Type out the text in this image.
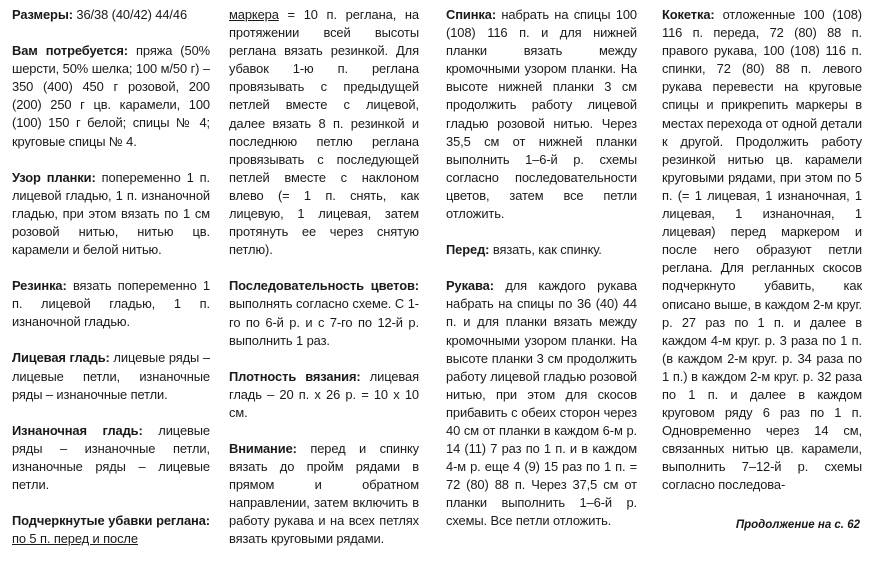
Размеры: 36/38 (40/42) 44/46

Вам потребуется: пряжа (50% шерсти, 50% шелка; 100 м/50 г) – 350 (400) 450 г розовой, 200 (200) 250 г цв. карамели, 100 (100) 150 г белой; спицы № 4; круговые спицы № 4.

Узор планки: попеременно 1 п. лицевой гладью, 1 п. изнаночной гладью, при этом вязать по 1 см розовой нитью, нитью цв. карамели и белой нитью.

Резинка: вязать попеременно 1 п. лицевой гладью, 1 п. изнаночной гладью.

Лицевая гладь: лицевые ряды – лицевые петли, изнаночные ряды – изнаночные петли.

Изнаночная гладь: лицевые ряды – изнаночные петли, изнаночные ряды – лицевые петли.

Подчеркнутые убавки реглана: по 5 п. перед и после

маркера = 10 п. реглана, на протяжении всей высоты реглана вязать резинкой. Для убавок 1-ю п. реглана провязывать с предыдущей петлей вместе с лицевой, далее вязать 8 п. резинкой и последнюю петлю реглана провязывать с последующей петлей вместе с наклоном влево (= 1 п. снять, как лицевую, 1 лицевая, затем протянуть ее через снятую петлю).

Последовательность цветов: выполнять согласно схеме. С 1-го по 6-й р. и с 7-го по 12-й р. выполнить 1 раз.

Плотность вязания: лицевая гладь – 20 п. х 26 р. = 10 х 10 см.

Внимание: перед и спинку вязать до пройм рядами в прямом и обратном направлении, затем включить в работу рукава и на всех петлях вязать круговыми рядами.

Спинка: набрать на спицы 100 (108) 116 п. и для нижней планки вязать между кромочными узором планки. На высоте нижней планки 3 см продолжить работу лицевой гладью розовой нитью. Через 35,5 см от нижней планки выполнить 1–6-й р. схемы согласно последовательности цветов, затем все петли отложить.

Перед: вязать, как спинку.

Рукава: для каждого рукава набрать на спицы по 36 (40) 44 п. и для планки вязать между кромочными узором планки. На высоте планки 3 см продолжить работу лицевой гладью розовой нитью, при этом для скосов прибавить с обеих сторон через 40 см от планки в каждом 6-м р. 14 (11) 7 раз по 1 п. и в каждом 4-м р. еще 4 (9) 15 раз по 1 п. = 72 (80) 88 п. Через 37,5 см от планки выполнить 1–6-й р. схемы. Все петли отложить.

Кокетка: отложенные 100 (108) 116 п. переда, 72 (80) 88 п. правого рукава, 100 (108) 116 п. спинки, 72 (80) 88 п. левого рукава перевести на круговые спицы и прикрепить маркеры в местах перехода от одной детали к другой. Продолжить работу резинкой нитью цв. карамели круговыми рядами, при этом по 5 п. (= 1 лицевая, 1 изнаночная, 1 лицевая, 1 изнаночная, 1 лицевая) перед маркером и после него образуют петли реглана. Для регланных скосов подчеркнуто убавить, как описано выше, в каждом 2-м круг. р. 27 раз по 1 п. и далее в каждом 4-м круг. р. 3 раза по 1 п. (в каждом 2-м круг. р. 34 раза по 1 п.) в каждом 2-м круг. р. 32 раза по 1 п. и далее в каждом круговом ряду 6 раз по 1 п. Одновременно через 14 см, связанных нитью цв. карамели, выполнить 7–12-й р. схемы согласно последова-

Продолжение на с. 62
